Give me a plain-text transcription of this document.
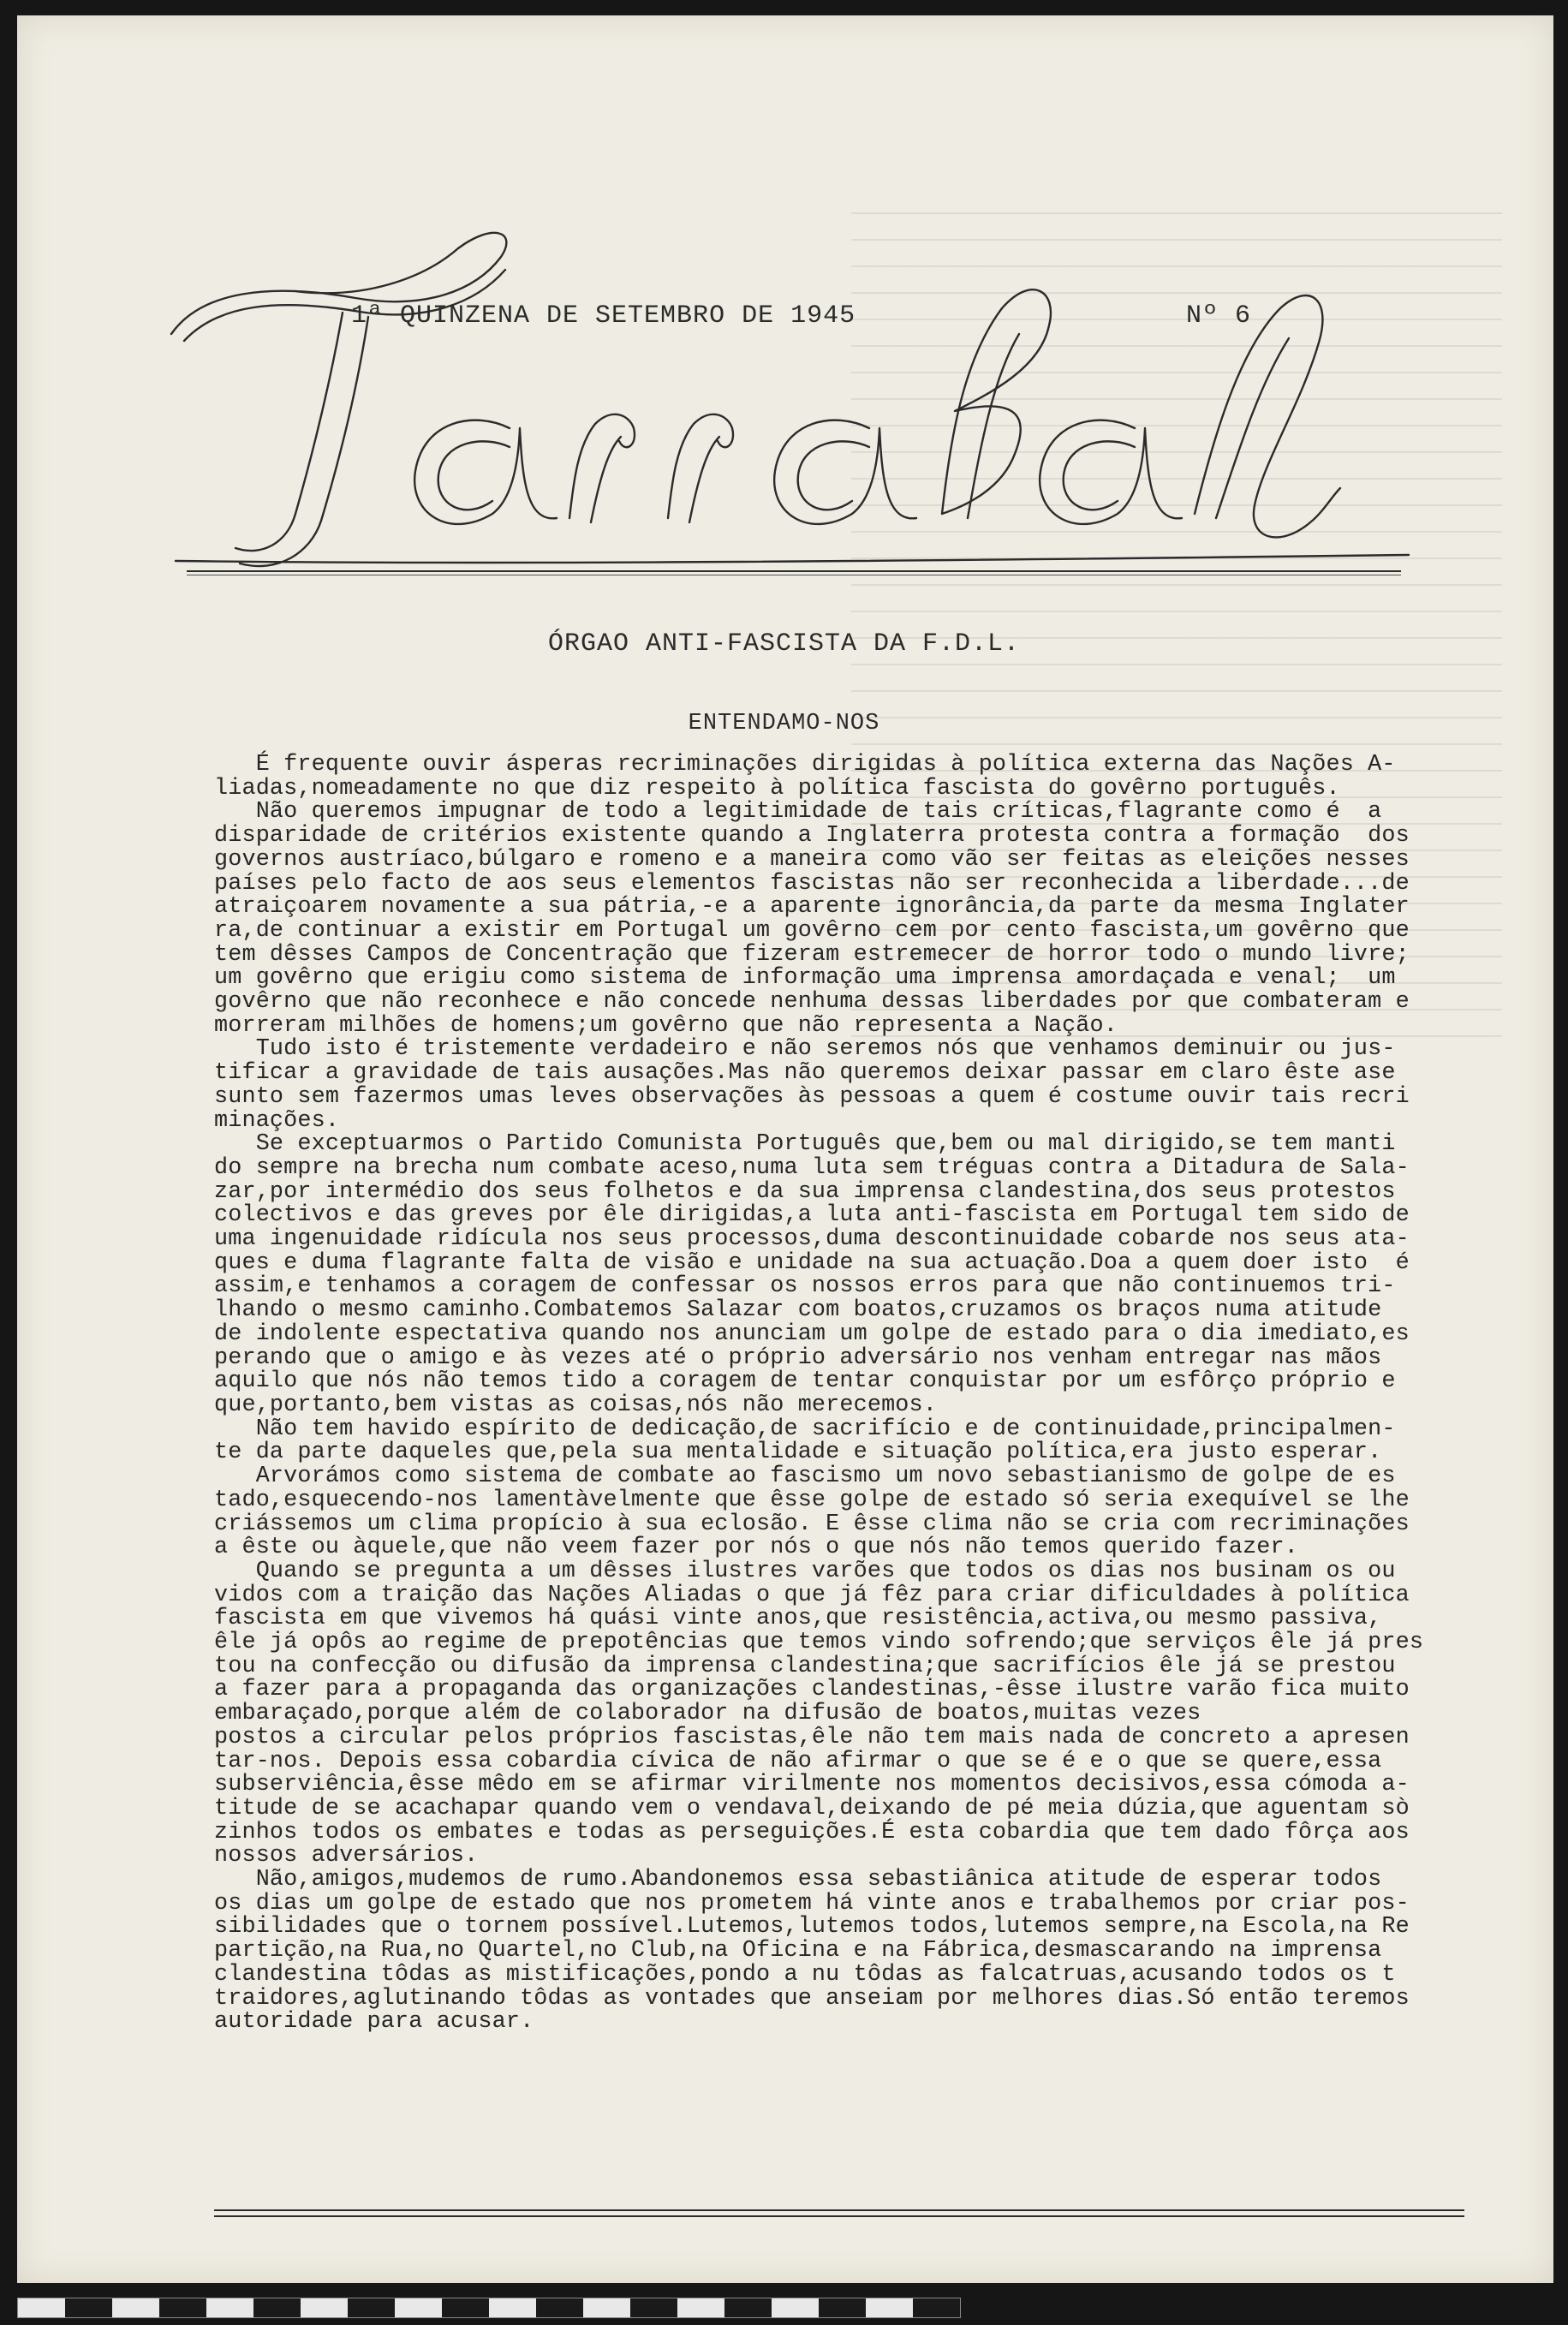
1ª QUINZENA DE SETEMBRO DE 1945	Nº 6
ÓRGAO ANTI-FASCISTA DA F.D.L.
ENTENDAMO-NOS

É frequente ouvir ásperas recriminações dirigidas à política externa das Nações A-

liadas,nomeadamente no que diz respeito à política fascista do govêrno português.

Não queremos impugnar de todo a legitimidade de tais críticas,flagrante como é  a

disparidade de critérios existente quando a Inglaterra protesta contra a formação  dos

governos austríaco,búlgaro e romeno e a maneira como vão ser feitas as eleições nesses

países pelo facto de aos seus elementos fascistas não ser reconhecida a liberdade...de

atraiçoarem novamente a sua pátria,-e a aparente ignorância,da parte da mesma Inglater

ra,de continuar a existir em Portugal um govêrno cem por cento fascista,um govêrno que

tem dêsses Campos de Concentração que fizeram estremecer de horror todo o mundo livre;

um govêrno que erigiu como sistema de informação uma imprensa amordaçada e venal;  um

govêrno que não reconhece e não concede nenhuma dessas liberdades por que combateram e

morreram milhões de homens;um govêrno que não representa a Nação.

Tudo isto é tristemente verdadeiro e não seremos nós que venhamos deminuir ou jus-

tificar a gravidade de tais ausações.Mas não queremos deixar passar em claro êste ase

sunto sem fazermos umas leves observações às pessoas a quem é costume ouvir tais recri

minações.

Se exceptuarmos o Partido Comunista Português que,bem ou mal dirigido,se tem manti

do sempre na brecha num combate aceso,numa luta sem tréguas contra a Ditadura de Sala-

zar,por intermédio dos seus folhetos e da sua imprensa clandestina,dos seus protestos

colectivos e das greves por êle dirigidas,a luta anti-fascista em Portugal tem sido de

uma ingenuidade ridícula nos seus processos,duma descontinuidade cobarde nos seus ata-

ques e duma flagrante falta de visão e unidade na sua actuação.Doa a quem doer isto  é

assim,e tenhamos a coragem de confessar os nossos erros para que não continuemos tri-

lhando o mesmo caminho.Combatemos Salazar com boatos,cruzamos os braços numa atitude

de indolente espectativa quando nos anunciam um golpe de estado para o dia imediato,es

perando que o amigo e às vezes até o próprio adversário nos venham entregar nas mãos

aquilo que nós não temos tido a coragem de tentar conquistar por um esfôrço próprio e

que,portanto,bem vistas as coisas,nós não merecemos.

Não tem havido espírito de dedicação,de sacrifício e de continuidade,principalmen-

te da parte daqueles que,pela sua mentalidade e situação política,era justo esperar.

Arvorámos como sistema de combate ao fascismo um novo sebastianismo de golpe de es

tado,esquecendo-nos lamentàvelmente que êsse golpe de estado só seria exequível se lhe

criássemos um clima propício à sua eclosão. E êsse clima não se cria com recriminações

a êste ou àquele,que não veem fazer por nós o que nós não temos querido fazer.

Quando se pregunta a um dêsses ilustres varões que todos os dias nos businam os ou

vidos com a traição das Nações Aliadas o que já fêz para criar dificuldades à política

fascista em que vivemos há quási vinte anos,que resistência,activa,ou mesmo passiva,

êle já opôs ao regime de prepotências que temos vindo sofrendo;que serviços êle já pres

tou na confecção ou difusão da imprensa clandestina;que sacrifícios êle já se prestou

a fazer para a propaganda das organizações clandestinas,-êsse ilustre varão fica muito

embaraçado,porque além de colaborador na difusão de boatos,muitas vezes

postos a circular pelos próprios fascistas,êle não tem mais nada de concreto a apresen

tar-nos. Depois essa cobardia cívica de não afirmar o que se é e o que se quere,essa

subserviência,êsse mêdo em se afirmar virilmente nos momentos decisivos,essa cómoda a-

titude de se acachapar quando vem o vendaval,deixando de pé meia dúzia,que aguentam sò

zinhos todos os embates e todas as perseguições.É esta cobardia que tem dado fôrça aos

nossos adversários.

Não,amigos,mudemos de rumo.Abandonemos essa sebastiânica atitude de esperar todos

os dias um golpe de estado que nos prometem há vinte anos e trabalhemos por criar pos-

sibilidades que o tornem possível.Lutemos,lutemos todos,lutemos sempre,na Escola,na Re

partição,na Rua,no Quartel,no Club,na Oficina e na Fábrica,desmascarando na imprensa

clandestina tôdas as mistificações,pondo a nu tôdas as falcatruas,acusando todos os t

traidores,aglutinando tôdas as vontades que anseiam por melhores dias.Só então teremos

autoridade para acusar.
